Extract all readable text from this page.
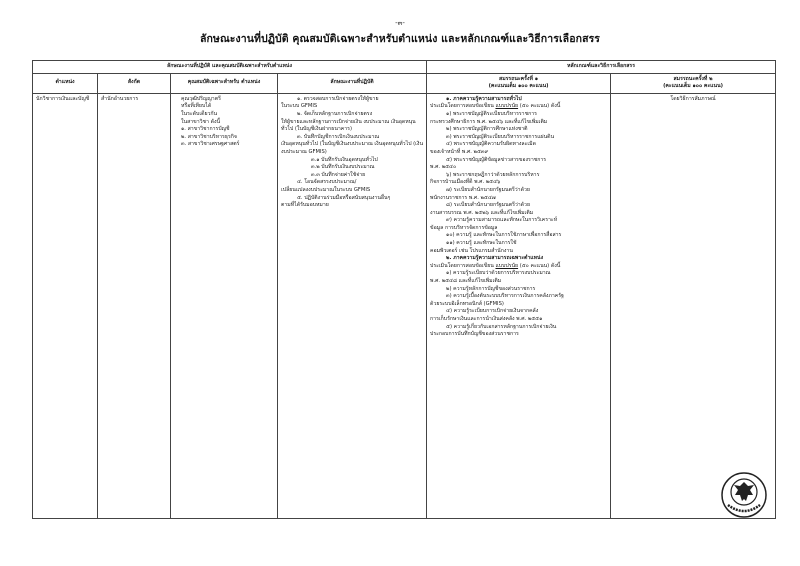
-๓-
ลักษณะงานที่ปฏิบัติ คุณสมบัติเฉพาะสำหรับตำแหน่ง และหลักเกณฑ์และวิธีการเลือกสรร
ลักษณะงานที่ปฏิบัติ และคุณสมบัติเฉพาะสำหรับตำแหน่ง				หลักเกณฑ์และวิธีการเลือกสรร	
ตำแหน่ง	สังกัด	คุณสมบัติเฉพาะสำหรับ ตำแหน่ง	ลักษณะงานที่ปฏิบัติ	สมรรถนะครั้งที่ ๑
(คะแนนเต็ม ๑๐๐ คะแนน)	สมรรถนะครั้งที่ ๒
(คะแนนเต็ม ๑๐๐ คะแนน)

นักวิชาการเงินและบัญชี	สำนักอำนวยการ	คุณวุฒิปริญญาตรี
หรือที่เทียบได้
ในระดับเดียวกัน
ในสาขาวิชา ดังนี้
๑. สาขาวิชาการบัญชี
๒. สาขาวิชาบริหารธุรกิจ
๓. สาขาวิชาเศรษฐศาสตร์

๑. ตรวจสอบการเบิกจ่ายตรงให้ผู้ขาย
ในระบบ GFMIS
๒. จัดเก็บหลักฐานการเบิกจ่ายตรง
ให้ผู้ขายและหลักฐานการเบิกจ่ายเงิน งบประมาณ เงินอุดหนุนทั่วไป (ในบัญชีเงินฝากธนาคาร)
๓. บันทึกบัญชีการเบิกเงินงบประมาณ
เงินอุดหนุนทั่วไป (ในบัญชีเงินงบประมาณ เงินอุดหนุนทั่วไป (เงินงบประมาณ GFMIS)
๓.๑ บันทึกรับเงินอุดหนุนทั่วไป
๓.๒ บันทึกรับเงินงบประมาณ
๓.๓ บันทึกจ่ายค่าใช้จ่าย
๔. โอนจัดสรรงบประมาณ/
เปลี่ยนแปลงงบประมาณในระบบ GFMIS
๕. ปฏิบัติงานร่วมมือหรือสนับสนุนงานอื่นๆ
ตามที่ได้รับมอบหมาย

๑. ภาคความรู้ความสามารถทั่วไป
ประเมินโดยการสอบข้อเขียน แบบปรนัย (๕๐ คะแนน) ดังนี้
๑) พระราชบัญญัติระเบียบบริหารราชการ
กระทรวงศึกษาธิการ พ.ศ. ๒๕๔๖ และที่แก้ไขเพิ่มเติม
๒) พระราชบัญญัติการศึกษาแห่งชาติ
๓) พระราชบัญญัติระเบียบบริหารราชการแผ่นดิน
๔) พระราชบัญญัติความรับผิดทางละเมิด
ของเจ้าหน้าที่ พ.ศ. ๒๕๓๙
๕) พระราชบัญญัติข้อมูลข่าวสารของราชการ
พ.ศ. ๒๕๔๐
๖) พระราชกฤษฎีกาว่าด้วยหลักการบริหาร
กิจการบ้านเมืองที่ดี พ.ศ. ๒๕๔๖
๗) ระเบียบสำนักนายกรัฐมนตรีว่าด้วย
พนักงานราชการ พ.ศ. ๒๕๔๗
๘) ระเบียบสำนักนายกรัฐมนตรีว่าด้วย
งานสารบรรณ พ.ศ. ๒๕๒๖ และที่แก้ไขเพิ่มเติม
๙) ความรู้ความสามารถและทักษะในการวิเคราะห์
ข้อมูล การบริหารจัดการข้อมูล
๑๐) ความรู้ และทักษะในการใช้ภาษาเพื่อการสื่อสาร
๑๑) ความรู้ และทักษะในการใช้
คอมพิวเตอร์ เช่น โปรแกรมสำนักงาน
๒. ภาคความรู้ความสามารถเฉพาะตำแหน่ง
ประเมินโดยการสอบข้อเขียน แบบปรนัย (๕๐ คะแนน) ดังนี้
๑) ความรู้ระเบียบว่าด้วยการบริหารงบประมาณ
พ.ศ. ๒๕๔๘ และที่แก้ไขเพิ่มเติม
๒) ความรู้หลักการบัญชีของส่วนราชการ
๓) ความรู้เบื้องต้นระบบบริหารการเงินการคลังภาครัฐ
ด้วยระบบอิเล็กทรอนิกส์ (GFMIS)
๔) ความรู้ระเบียบการเบิกจ่ายเงินจากคลัง
การเก็บรักษาเงินและการนำเงินส่งคลัง พ.ศ. ๒๕๕๑
๕) ความรู้เกี่ยวกับเอกสารหลักฐานการเบิกจ่ายเงิน
ประกอบการบันทึกบัญชีของส่วนราชการ
	โดยวิธีการสัมภาษณ์
